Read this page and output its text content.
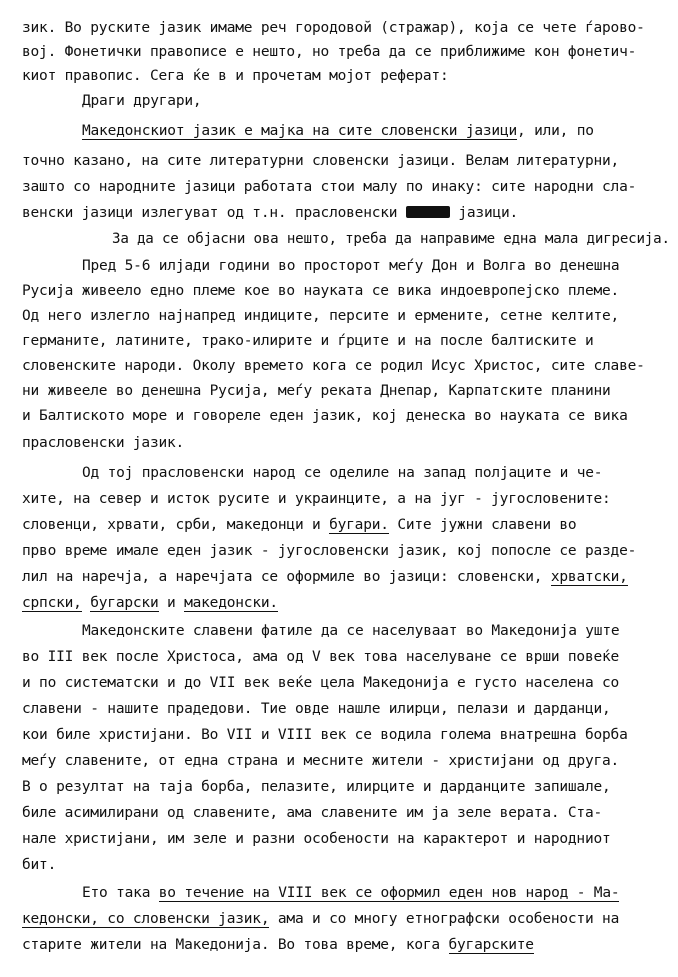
зик. Во руските јазик имаме реч городовой (стражар), која се чете ѓарово-
вој. Фонетички правописе е нешто, но треба да се приближиме кон фонетич-
киот правопис. Сега ќе в и прочетам мојот реферат:
Драги другари,
Македонскиот јазик е мајка на сите словенски јазици, или, по
точно казано, на сите литературни словенски јазици. Велам литературни,
зашто со народните јазици работата стои малу по инаку: сите народни сла-
венски јазици излегуват од т.н. прасловенски	јазици.
За да се објасни ова нешто, треба да направиме една мала дигресија.
Пред 5-6 илјади години во просторот меѓу Дон и Волга во денешна
Русија живеело едно племе кое во науката се вика индоевропејско племе.
Од него излегло најнапред индиците, персите и ермените, сетне келтите,
германите, латините, трако-илирите и ѓрците и на после балтиските и
словенските народи. Околу времето кога се родил Исус Христос, сите славе-
ни живееле во денешна Русија, меѓу реката Днепар, Карпатските планини
и Балтиското море и говореле еден јазик, кој денеска во науката се вика
прасловенски јазик.
Од тој прасловенски народ се оделиле на запад полјаците и че-
хите, на север и исток русите и украинците, а на југ - југословените:
словенци, хрвати, срби, македонци и бугари. Сите јужни славени во
прво време имале еден јазик - југословенски јазик, кој попосле се разде-
лил на наречја, а наречјата се оформиле во јазици: словенски, хрватски,
српски, бугарски и македонски.
Македонските славени фатиле да се населуваат во Македонија уште
во III век после Христоса, ама од V век това населуване се врши повеќе
и по систематски и до VII век веќе цела Македонија е густо населена со
славени - нашите прадедови. Тие овде нашле илирци, пелази и дарданци,
кои биле христијани. Во VII и VIII век се водила голема внатрешна борба
меѓу славените, от една страна и месните жители - христијани од друга.
В о резултат на таја борба, пелазите, илирците и дарданците запишале,
биле асимилирани од славените, ама славените им ја зеле верата. Ста-
нале христијани, им зеле и разни особености на карактерот и народниот
бит.
Ето така во течение на VIII век се оформил еден нов народ - Ма-
кедонски, со словенски јазик, ама и со многу етнографски особености на
старите жители на Македонија. Во това време, кога бугарските
